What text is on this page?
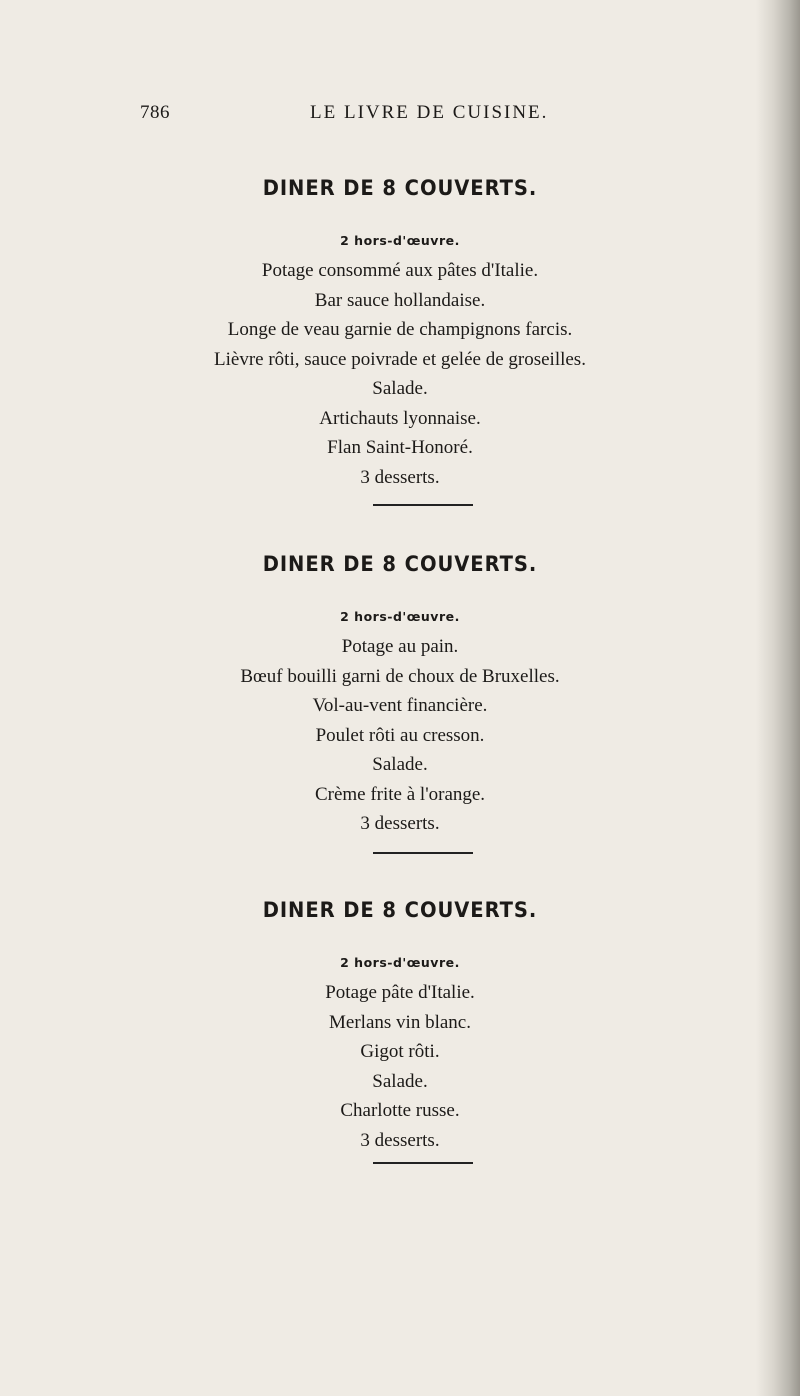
786	LE LIVRE DE CUISINE.
DINER DE 8 COUVERTS.
2 hors-d'œuvre.
Potage consommé aux pâtes d'Italie.
Bar sauce hollandaise.
Longe de veau garnie de champignons farcis.
Lièvre rôti, sauce poivrade et gelée de groseilles.
Salade.
Artichauts lyonnaise.
Flan Saint-Honoré.
3 desserts.
DINER DE 8 COUVERTS.
2 hors-d'œuvre.
Potage au pain.
Bœuf bouilli garni de choux de Bruxelles.
Vol-au-vent financière.
Poulet rôti au cresson.
Salade.
Crème frite à l'orange.
3 desserts.
DINER DE 8 COUVERTS.
2 hors-d'œuvre.
Potage pâte d'Italie.
Merlans vin blanc.
Gigot rôti.
Salade.
Charlotte russe.
3 desserts.
